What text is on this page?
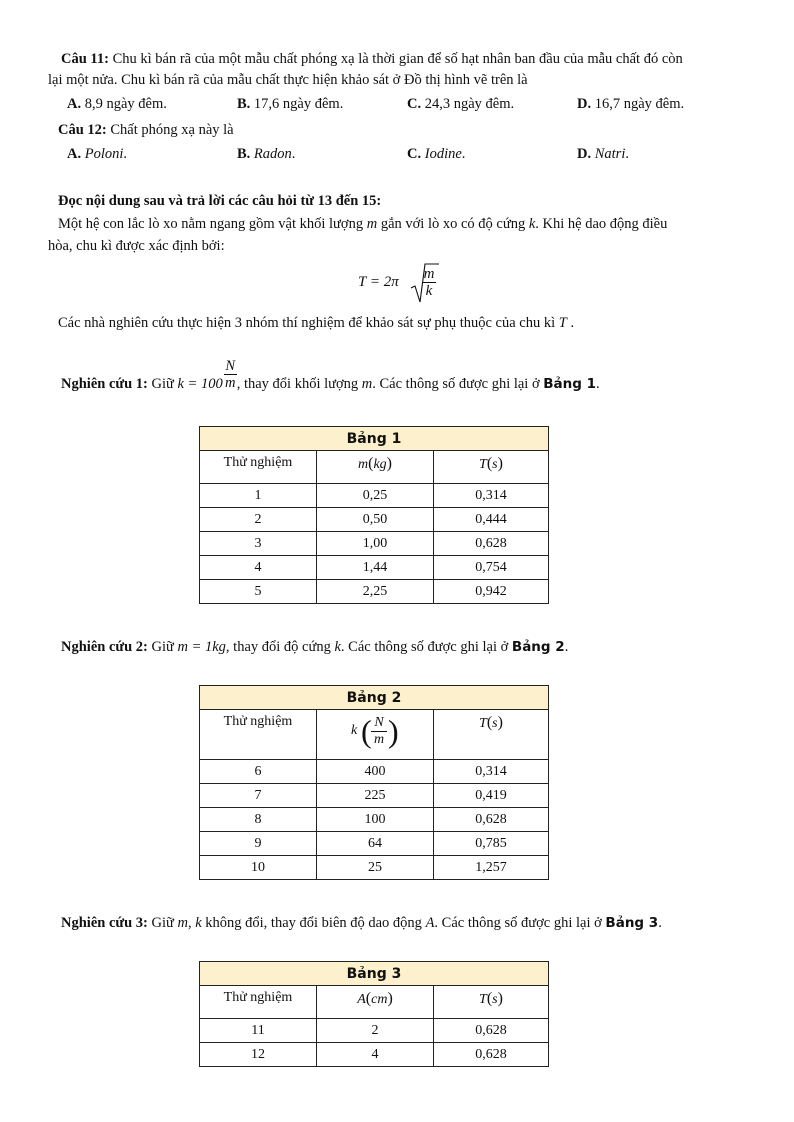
Câu 11: Chu kì bán rã của một mẫu chất phóng xạ là thời gian để số hạt nhân ban đầu của mẫu chất đó còn
lại một nửa. Chu kì bán rã của mẫu chất thực hiện khảo sát ở Đồ thị hình vẽ trên là
A. 8,9 ngày đêm.	B. 17,6 ngày đêm.	C. 24,3 ngày đêm.	D. 16,7 ngày đêm.
Câu 12: Chất phóng xạ này là
A. Poloni.	B. Radon.	C. Iodine.	D. Natri.
Đọc nội dung sau và trả lời các câu hỏi từ 13 đến 15:
Một hệ con lắc lò xo nằm ngang gồm vật khối lượng m gắn với lò xo có độ cứng k. Khi hệ dao động điều
hòa, chu kì được xác định bởi:
$T = 2\pi \frac{m}{k}$
Các nhà nghiên cứu thực hiện 3 nhóm thí nghiệm để khảo sát sự phụ thuộc của chu kì T .
Nghiên cứu 1: Giữ $k = 100 \frac{N}{m}$ , thay đổi khối lượng m. Các thông số được ghi lại ở Bảng 1.
Bảng 1		
Thử nghiệm	m(kg)	T(s)
1	0,25	0,314
2	0,50	0,444
3	1,00	0,628
4	1,44	0,754
5	2,25	0,942
Nghiên cứu 2: Giữ m = 1kg, thay đổi độ cứng k. Các thông số được ghi lại ở Bảng 2.
Bảng 2		
Thử nghiệm	k ( $\frac{N}{m}$ )	T(s)
6	400	0,314
7	225	0,419
8	100	0,628
9	64	0,785
10	25	1,257
Nghiên cứu 3: Giữ m, k không đổi, thay đổi biên độ dao động A. Các thông số được ghi lại ở Bảng 3.
Bảng 3		
Thử nghiệm	A(cm)	T(s)
11	2	0,628
12	4	0,628
